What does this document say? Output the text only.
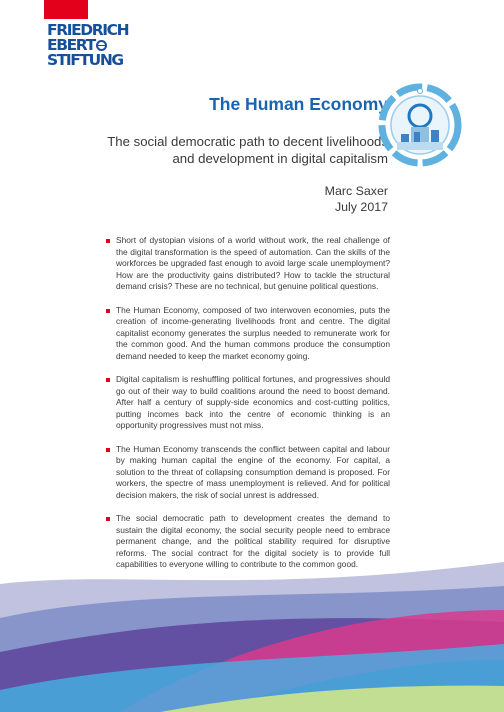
FRIEDRICH
EBERT
STIFTUNG
The Human Economy
The social democratic path to decent livelihoods
and development in digital capitalism
Marc Saxer
July 2017
Short of dystopian visions of a world without work, the real challenge of the digital transformation is the speed of automation. Can the skills of the workforces be upgraded fast enough to avoid large scale unemployment? How are the productivity gains distributed? How to tackle the structural demand crisis? These are no technical, but genuine political questions.
The Human Economy, composed of two interwoven economies, puts the creation of income-generating livelihoods front and centre. The digital capitalist economy generates the surplus needed to remunerate work for the common good. And the human commons produce the consumption demand needed to keep the market economy going.
Digital capitalism is reshuffling political fortunes, and progressives should go out of their way to build coalitions around the need to boost demand. After half a century of supply-side economics and cost-cutting politics, putting incomes back into the centre of economic thinking is an opportunity progressives must not miss.
The Human Economy transcends the conflict between capital and labour by making human capital the engine of the economy. For capital, a solution to the threat of collapsing consumption demand is proposed. For workers, the spectre of mass unemployment is relieved. And for political decision makers, the risk of social unrest is addressed.
The social democratic path to development creates the demand to sustain the digital economy, the social security people need to embrace permanent change, and the political stability required for disruptive reforms. The social contract for the digital society is to provide full capabilities to everyone willing to contribute to the common good.
